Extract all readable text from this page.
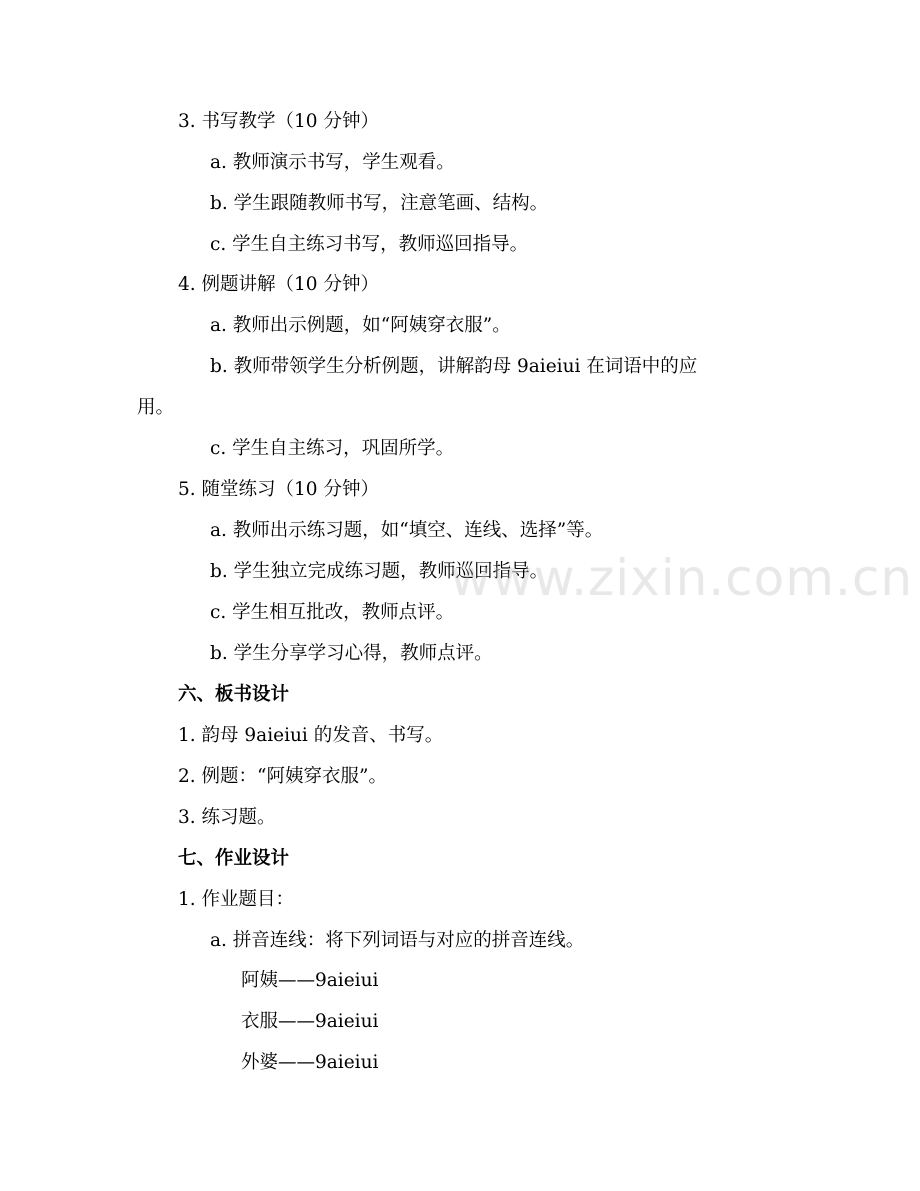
3. 书写教学（10 分钟）
a. 教师演示书写，学生观看。
b. 学生跟随教师书写，注意笔画、结构。
c. 学生自主练习书写，教师巡回指导。
4. 例题讲解（10 分钟）
a. 教师出示例题，如“阿姨穿衣服”。
b. 教师带领学生分析例题，讲解韵母 9aieiui 在词语中的应
用。
c. 学生自主练习，巩固所学。
5. 随堂练习（10 分钟）
a. 教师出示练习题，如“填空、连线、选择”等。
b. 学生独立完成练习题，教师巡回指导。
c. 学生相互批改，教师点评。
b. 学生分享学习心得，教师点评。
六、板书设计
1. 韵母 9aieiui 的发音、书写。
2. 例题：“阿姨穿衣服”。
3. 练习题。
七、作业设计
1. 作业题目：
a. 拼音连线：将下列词语与对应的拼音连线。
阿姨——9aieiui
衣服——9aieiui
外婆——9aieiui
www.zixin.com.cn
